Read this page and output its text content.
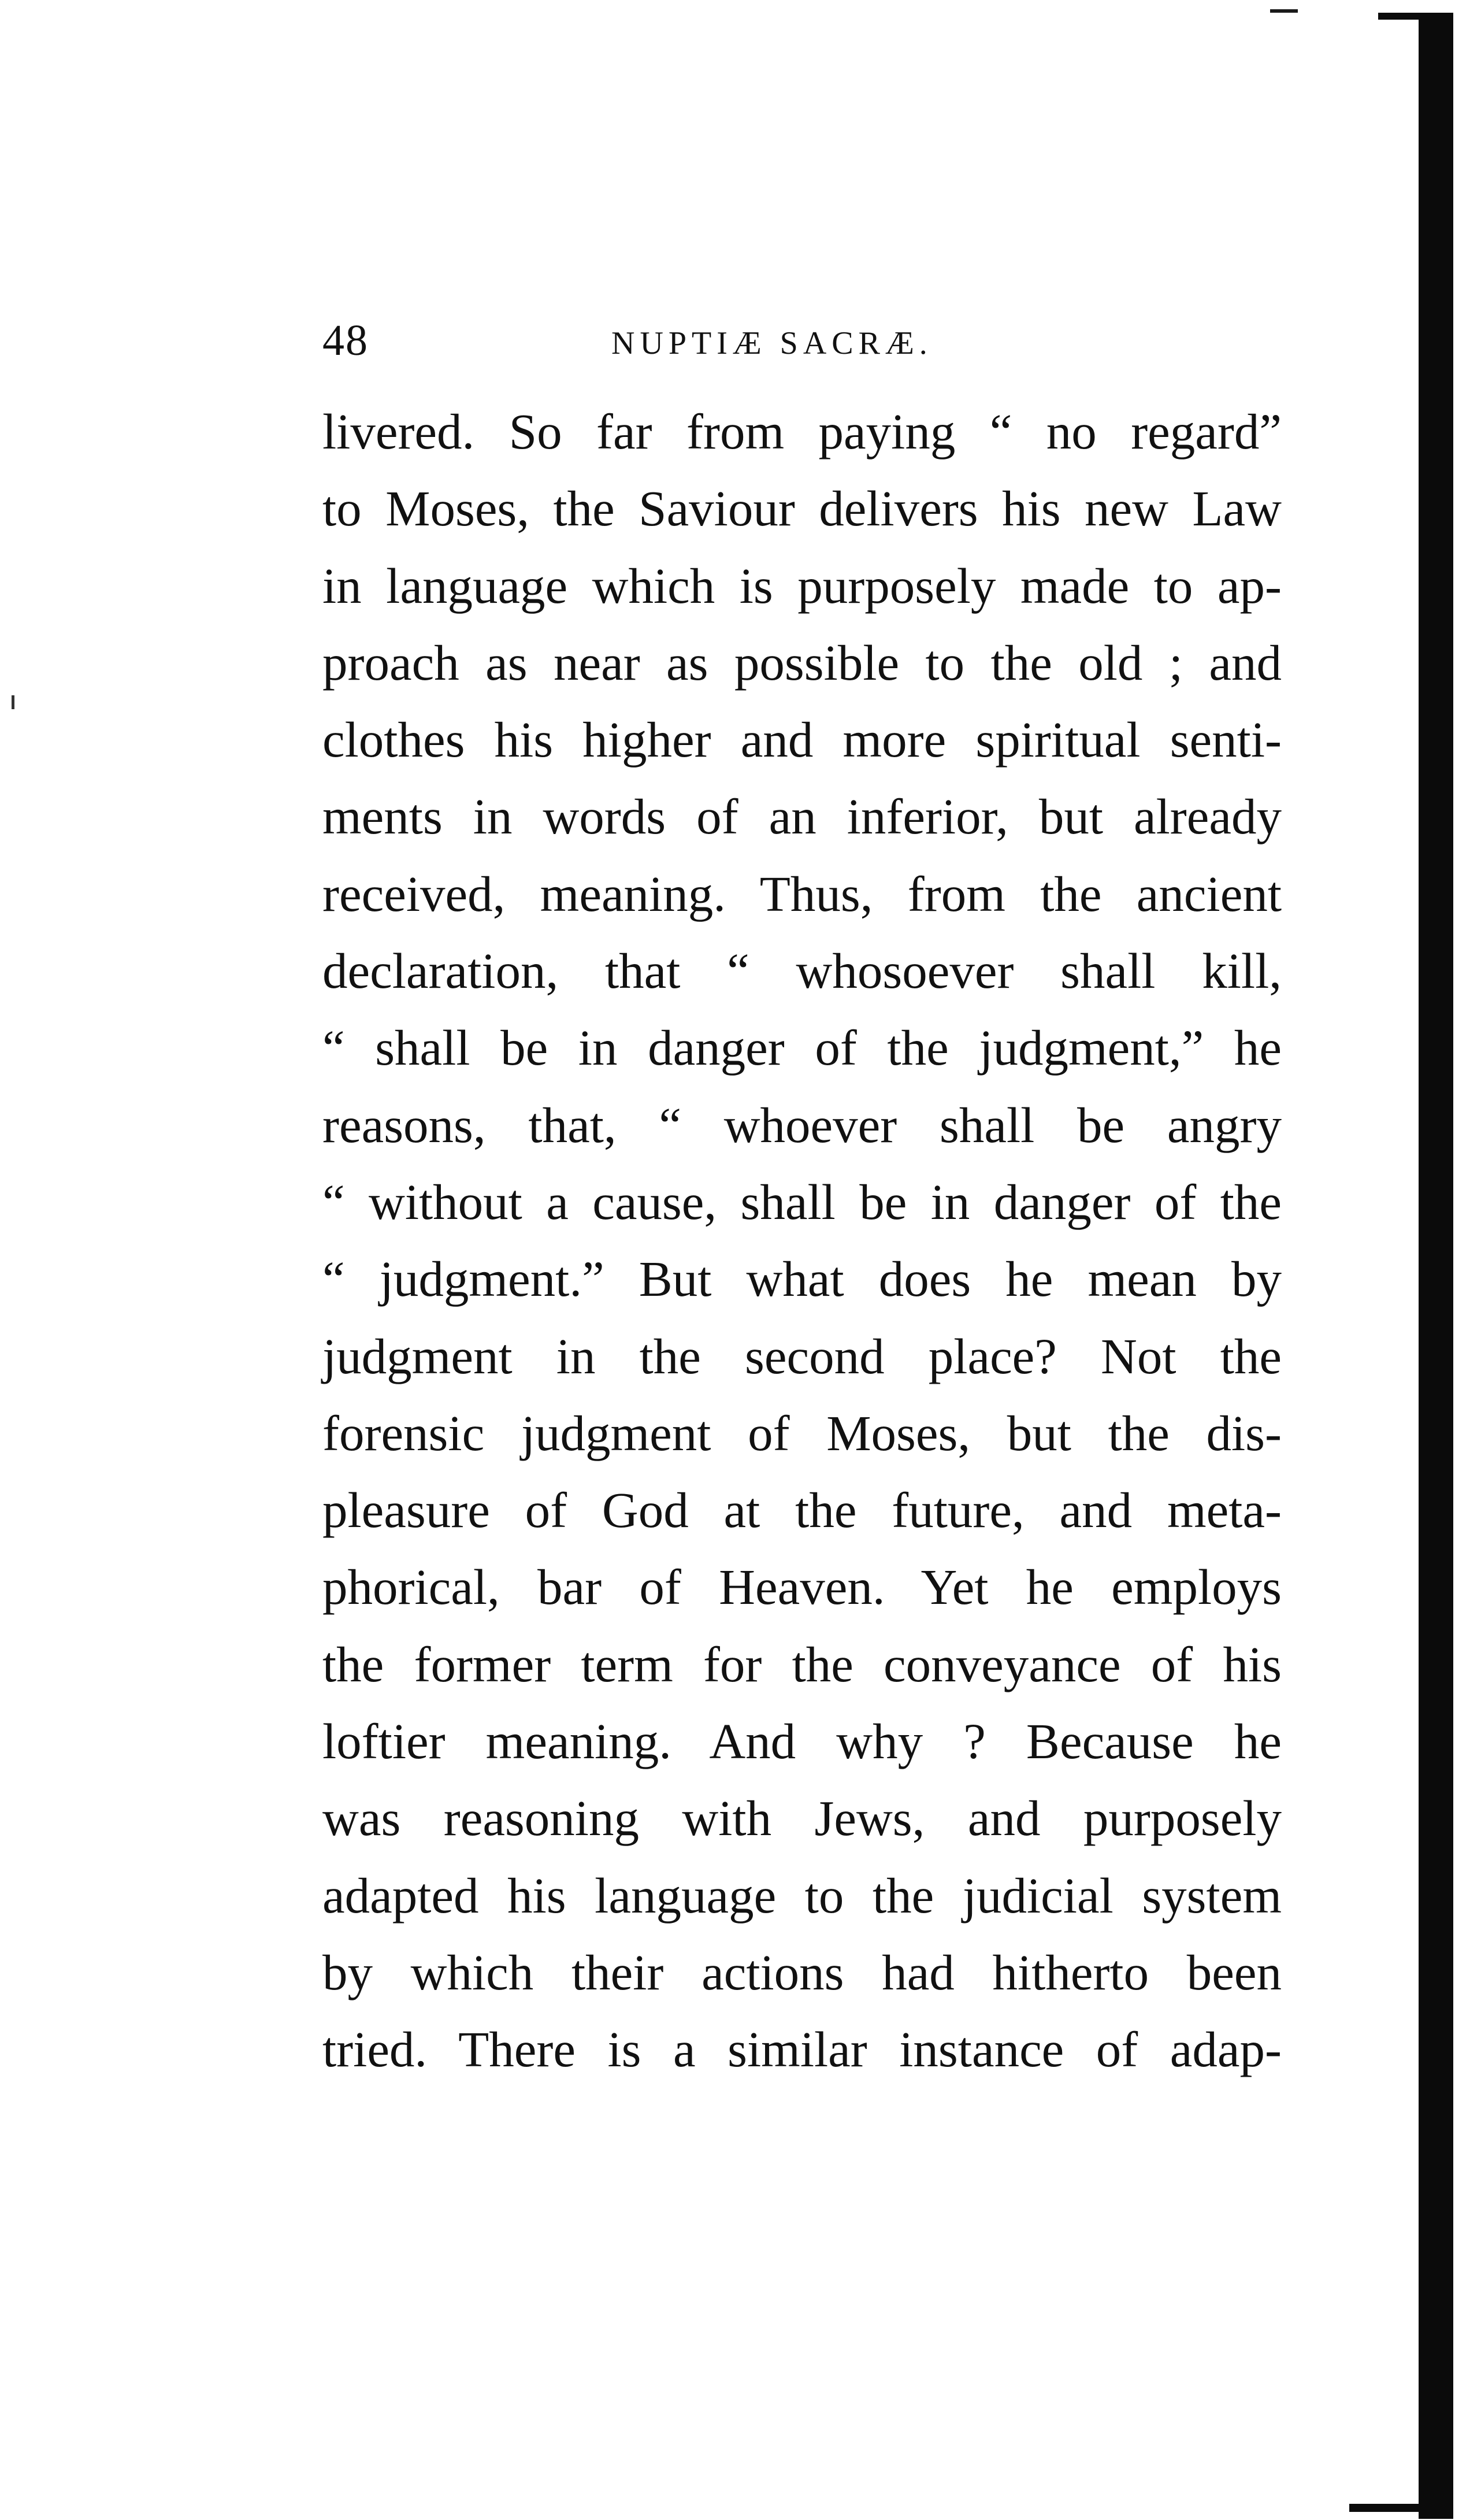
48	NUPTIÆ SACRÆ.
livered. So far from paying “ no regard”
to Moses, the Saviour delivers his new Law
in language which is purposely made to ap-
proach as near as possible to the old ; and
clothes his higher and more spiritual senti-
ments in words of an inferior, but already
received, meaning. Thus, from the ancient
declaration, that “ whosoever shall kill,
“ shall be in danger of the judgment,” he
reasons, that, “ whoever shall be angry
“ without a cause, shall be in danger of the
“ judgment.” But what does he mean by
judgment in the second place? Not the
forensic judgment of Moses, but the dis-
pleasure of God at the future, and meta-
phorical, bar of Heaven. Yet he employs
the former term for the conveyance of his
loftier meaning. And why ? Because he
was reasoning with Jews, and purposely
adapted his language to the judicial system
by which their actions had hitherto been
tried. There is a similar instance of adap-
